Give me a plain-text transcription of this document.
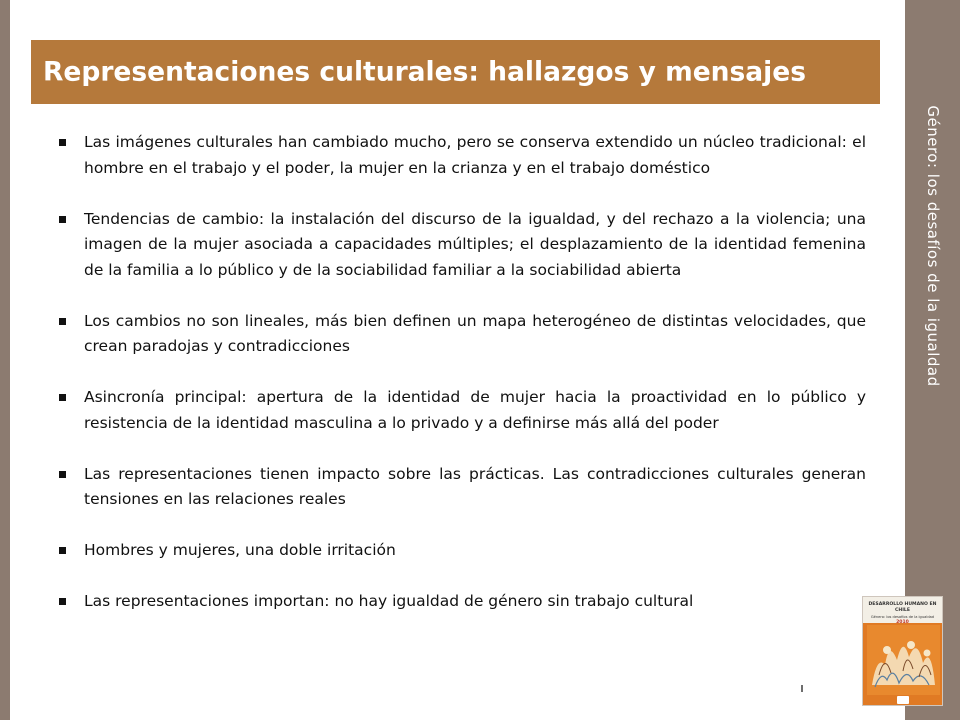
Género: los desafíos de la igualdad
Representaciones culturales: hallazgos y mensajes
Las imágenes culturales han cambiado mucho, pero se conserva extendido un núcleo tradicional: el hombre en el trabajo y el poder, la mujer en la crianza y en el trabajo doméstico
Tendencias de cambio: la instalación del discurso de la igualdad, y del rechazo a la violencia; una imagen de la mujer asociada a capacidades múltiples; el desplazamiento de la identidad femenina de la familia a lo público y de la sociabilidad familiar a la sociabilidad abierta
Los cambios no son lineales, más bien definen un mapa heterogéneo de distintas velocidades, que crean paradojas y contradicciones
Asincronía principal: apertura de la identidad de mujer hacia la proactividad en lo público y resistencia de la identidad masculina a lo privado y a definirse más allá del poder
Las representaciones tienen impacto sobre las prácticas. Las contradicciones culturales generan tensiones en las relaciones reales
Hombres y mujeres, una doble irritación
Las representaciones importan: no hay igualdad de género sin trabajo cultural	DESARROLLO HUMANO EN CHILE
Género: los desafíos de la igualdad
2010
